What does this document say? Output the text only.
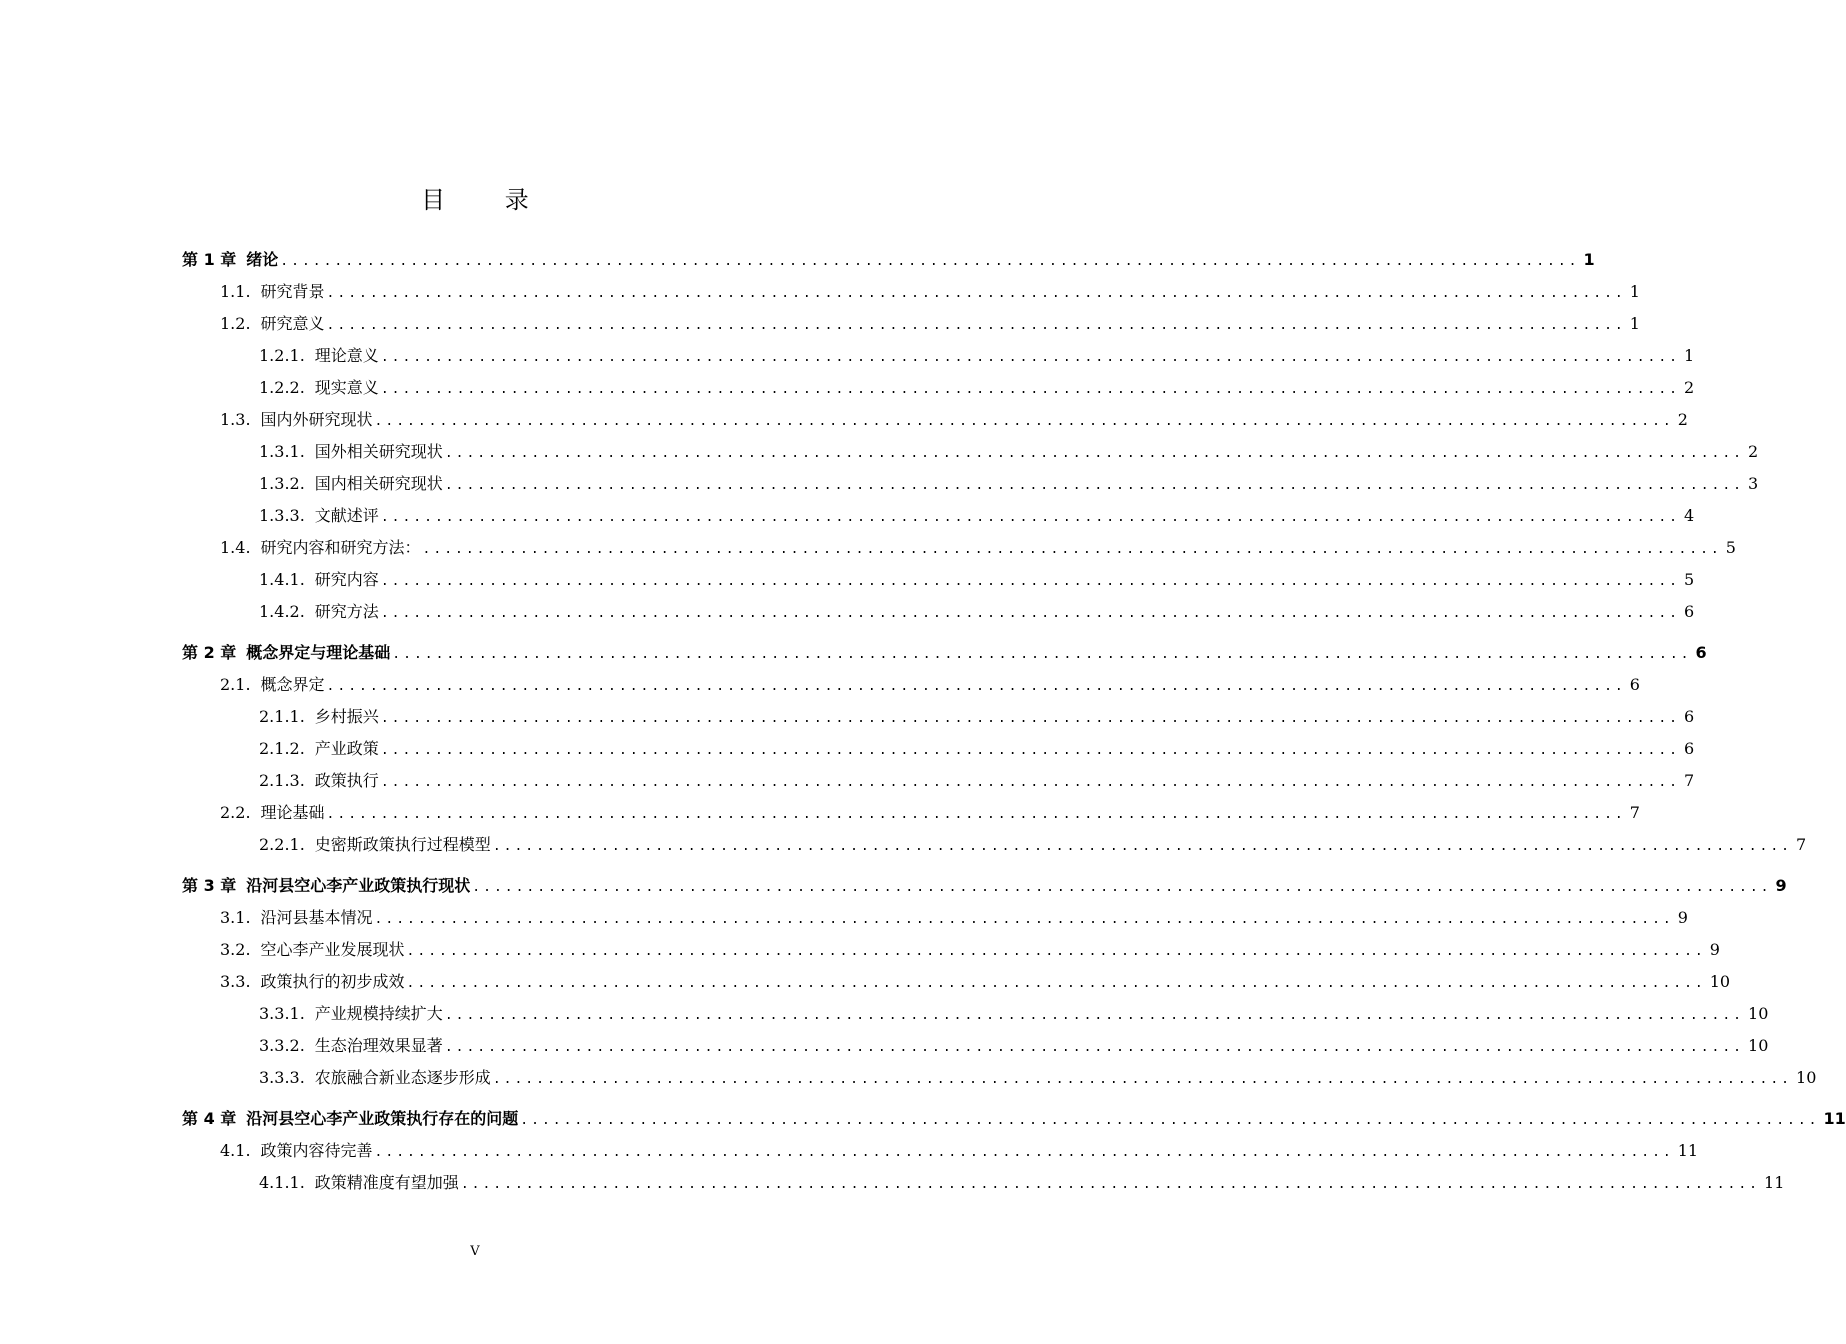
目 录
第 1 章 绪论 ........................................................................................................................ 1
1.1. 研究背景 ........................................................................................................................ 1
1.2. 研究意义 ........................................................................................................................ 1
1.2.1. 理论意义 ........................................................................................................................ 1
1.2.2. 现实意义 ........................................................................................................................ 2
1.3. 国内外研究现状 ........................................................................................................................ 2
1.3.1. 国外相关研究现状 ........................................................................................................................ 2
1.3.2. 国内相关研究现状 ........................................................................................................................ 3
1.3.3. 文献述评 ........................................................................................................................ 4
1.4. 研究内容和研究方法： ........................................................................................................................ 5
1.4.1. 研究内容 ........................................................................................................................ 5
1.4.2. 研究方法 ........................................................................................................................ 6
第 2 章 概念界定与理论基础 ........................................................................................................................ 6
2.1. 概念界定 ........................................................................................................................ 6
2.1.1. 乡村振兴 ........................................................................................................................ 6
2.1.2. 产业政策 ........................................................................................................................ 6
2.1.3. 政策执行 ........................................................................................................................ 7
2.2. 理论基础 ........................................................................................................................ 7
2.2.1. 史密斯政策执行过程模型 ........................................................................................................................ 7
第 3 章 沿河县空心李产业政策执行现状 ........................................................................................................................ 9
3.1. 沿河县基本情况 ........................................................................................................................ 9
3.2. 空心李产业发展现状 ........................................................................................................................ 9
3.3. 政策执行的初步成效 ........................................................................................................................ 10
3.3.1. 产业规模持续扩大 ........................................................................................................................ 10
3.3.2. 生态治理效果显著 ........................................................................................................................ 10
3.3.3. 农旅融合新业态逐步形成 ........................................................................................................................ 10
第 4 章 沿河县空心李产业政策执行存在的问题 ........................................................................................................................ 11
4.1. 政策内容待完善 ........................................................................................................................ 11
4.1.1. 政策精准度有望加强 ........................................................................................................................ 11
V
